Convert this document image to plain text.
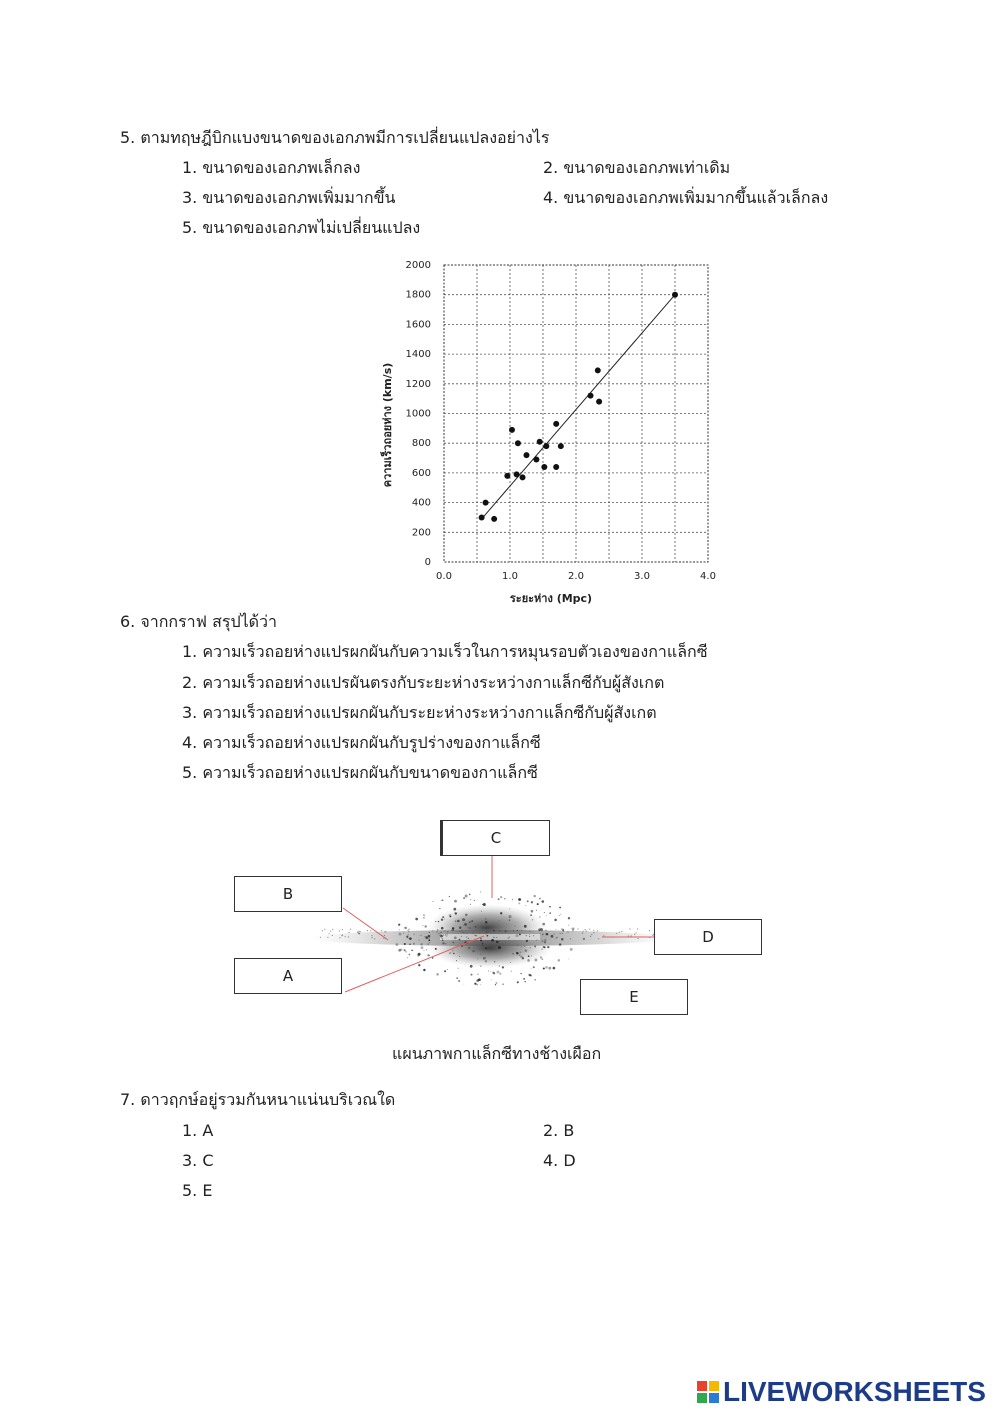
5. ตามทฤษฎีบิกแบงขนาดของเอกภพมีการเปลี่ยนแปลงอย่างไร
1. ขนาดของเอกภพเล็กลง	2. ขนาดของเอกภพเท่าเดิม
3. ขนาดของเอกภพเพิ่มมากขึ้น	4. ขนาดของเอกภพเพิ่มมากขึ้นแล้วเล็กลง
5. ขนาดของเอกภพไม่เปลี่ยนแปลง
0
200
400
600
800
1000
1200
1400
1600
1800
2000
0.0	1.0	2.0	3.0	4.0
ความเร็วถอยห่าง (km/s)
ระยะห่าง (Mpc)
6. จากกราฟ สรุปได้ว่า
1. ความเร็วถอยห่างแปรผกผันกับความเร็วในการหมุนรอบตัวเองของกาแล็กซี
2. ความเร็วถอยห่างแปรผันตรงกับระยะห่างระหว่างกาแล็กซีกับผู้สังเกต
3. ความเร็วถอยห่างแปรผกผันกับระยะห่างระหว่างกาแล็กซีกับผู้สังเกต
4. ความเร็วถอยห่างแปรผกผันกับรูปร่างของกาแล็กซี
5. ความเร็วถอยห่างแปรผกผันกับขนาดของกาแล็กซี
C
B
A
D
E
แผนภาพกาแล็กซีทางช้างเผือก
7. ดาวฤกษ์อยู่รวมกันหนาแน่นบริเวณใด
1. A	2. B
3. C	4. D
5. E
LIVEWORKSHEETS
